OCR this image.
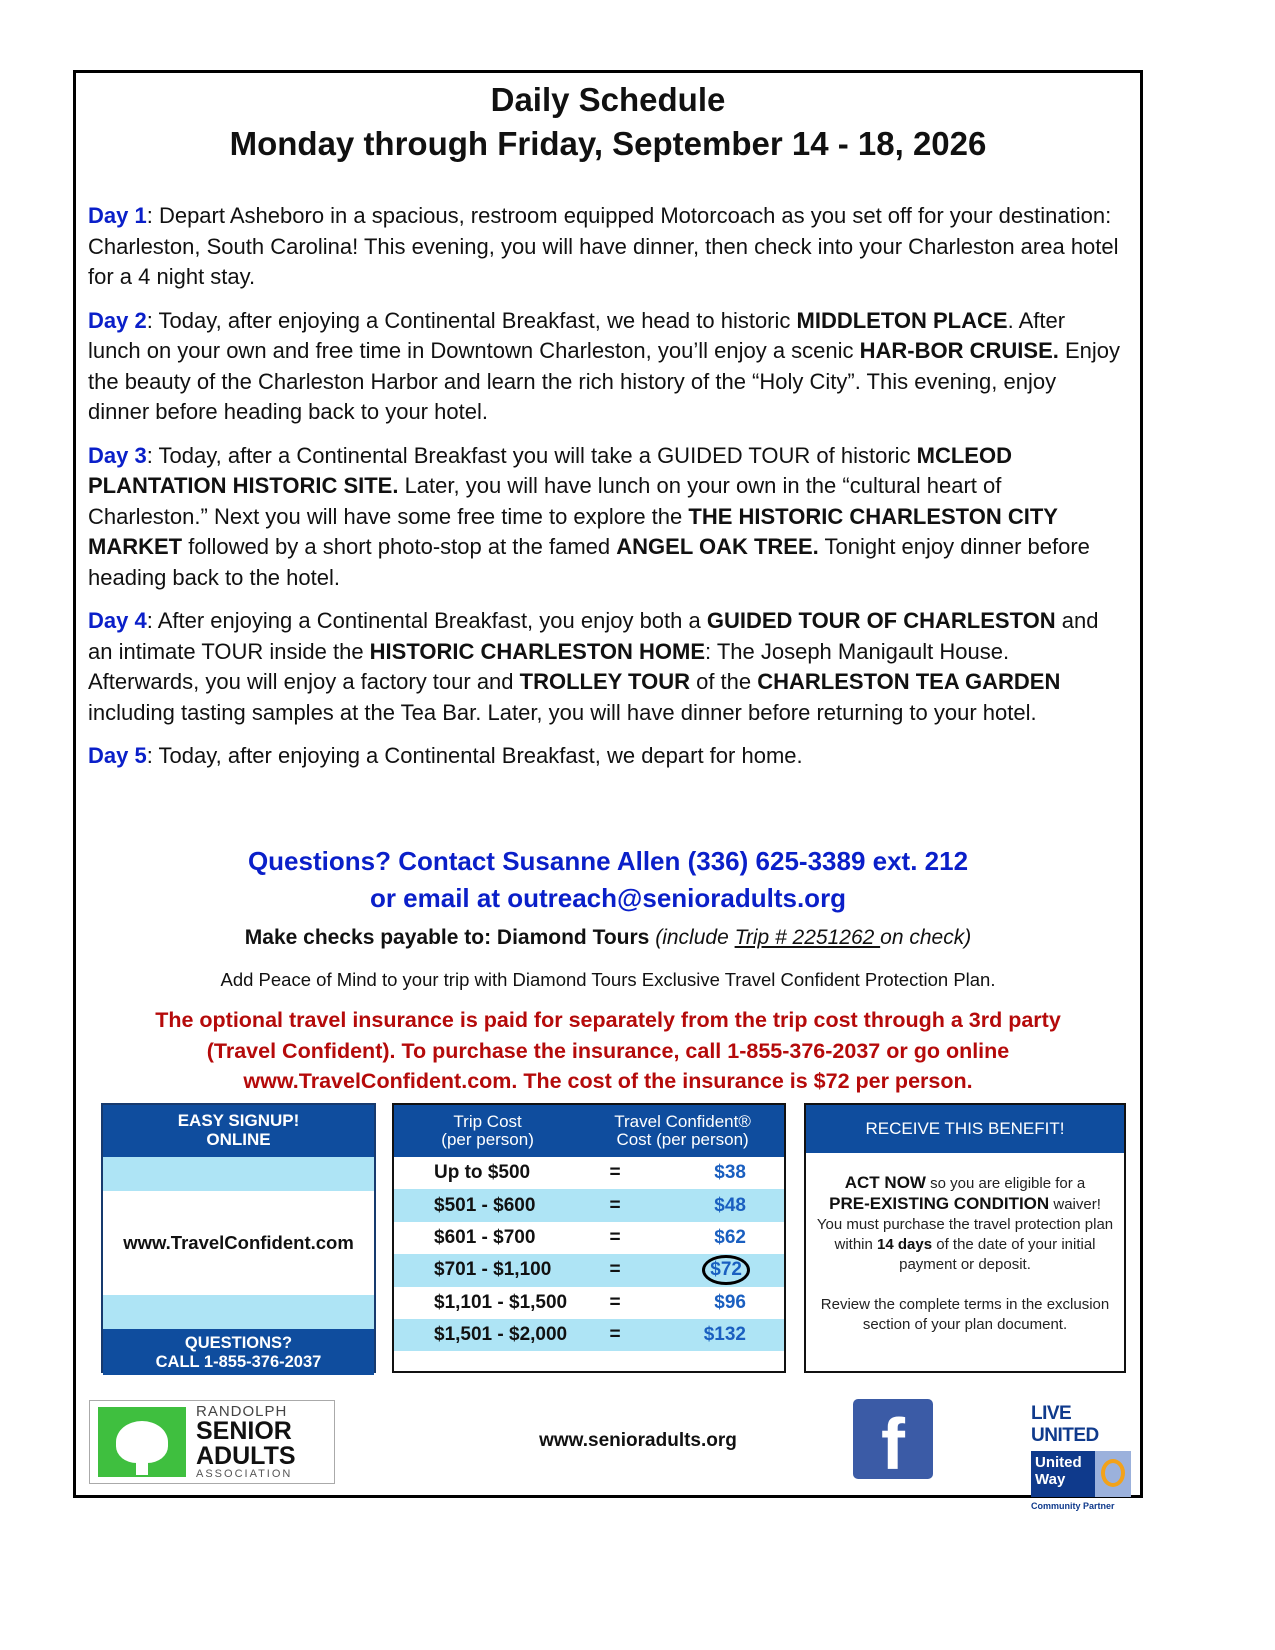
Daily Schedule
Monday through Friday, September 14 - 18, 2026
Day 1: Depart Asheboro in a spacious, restroom equipped Motorcoach as you set off for your destination: Charleston, South Carolina! This evening, you will have dinner, then check into your Charleston area hotel for a 4 night stay.
Day 2: Today, after enjoying a Continental Breakfast, we head to historic MIDDLETON PLACE. After lunch on your own and free time in Downtown Charleston, you’ll enjoy a scenic HAR-BOR CRUISE. Enjoy the beauty of the Charleston Harbor and learn the rich history of the “Holy City”. This evening, enjoy dinner before heading back to your hotel.
Day 3: Today, after a Continental Breakfast you will take a GUIDED TOUR of historic MCLEOD PLANTATION HISTORIC SITE. Later, you will have lunch on your own in the “cultural heart of Charleston.” Next you will have some free time to explore the THE HISTORIC CHARLESTON CITY MARKET followed by a short photo-stop at the famed ANGEL OAK TREE. Tonight enjoy dinner before heading back to the hotel.
Day 4: After enjoying a Continental Breakfast, you enjoy both a GUIDED TOUR OF CHARLESTON and an intimate TOUR inside the HISTORIC CHARLESTON HOME: The Joseph Manigault House. Afterwards, you will enjoy a factory tour and TROLLEY TOUR of the CHARLESTON TEA GARDEN including tasting samples at the Tea Bar. Later, you will have dinner before returning to your hotel.
Day 5: Today, after enjoying a Continental Breakfast, we depart for home.
Questions? Contact Susanne Allen (336) 625-3389 ext. 212
or email at outreach@senioradults.org
Make checks payable to: Diamond Tours (include Trip # 2251262 on check)
Add Peace of Mind to your trip with Diamond Tours Exclusive Travel Confident Protection Plan.
The optional travel insurance is paid for separately from the trip cost through a 3rd party
(Travel Confident). To purchase the insurance, call 1-855-376-2037 or go online
www.TravelConfident.com. The cost of the insurance is $72 per person.
EASY SIGNUP!
ONLINE
www.TravelConfident.com
QUESTIONS?
CALL 1-855-376-2037
Trip Cost
(per person)
Travel Confident®
Cost (per person)
Up to $500	=	$38
$501 - $600	=	$48
$601 - $700	=	$62
$701 - $1,100	=	$72
$1,101 - $1,500	=	$96
$1,501 - $2,000	=	$132
RECEIVE THIS BENEFIT!
ACT NOW so you are eligible for a
PRE-EXISTING CONDITION waiver!
You must purchase the travel protection plan within 14 days of the date of your initial payment or deposit.
Review the complete terms in the exclusion section of your plan document.
RANDOLPH
SENIOR
ADULTS
ASSOCIATION
www.senioradults.org	f	LIVE UNITED
United Way
Community Partner
